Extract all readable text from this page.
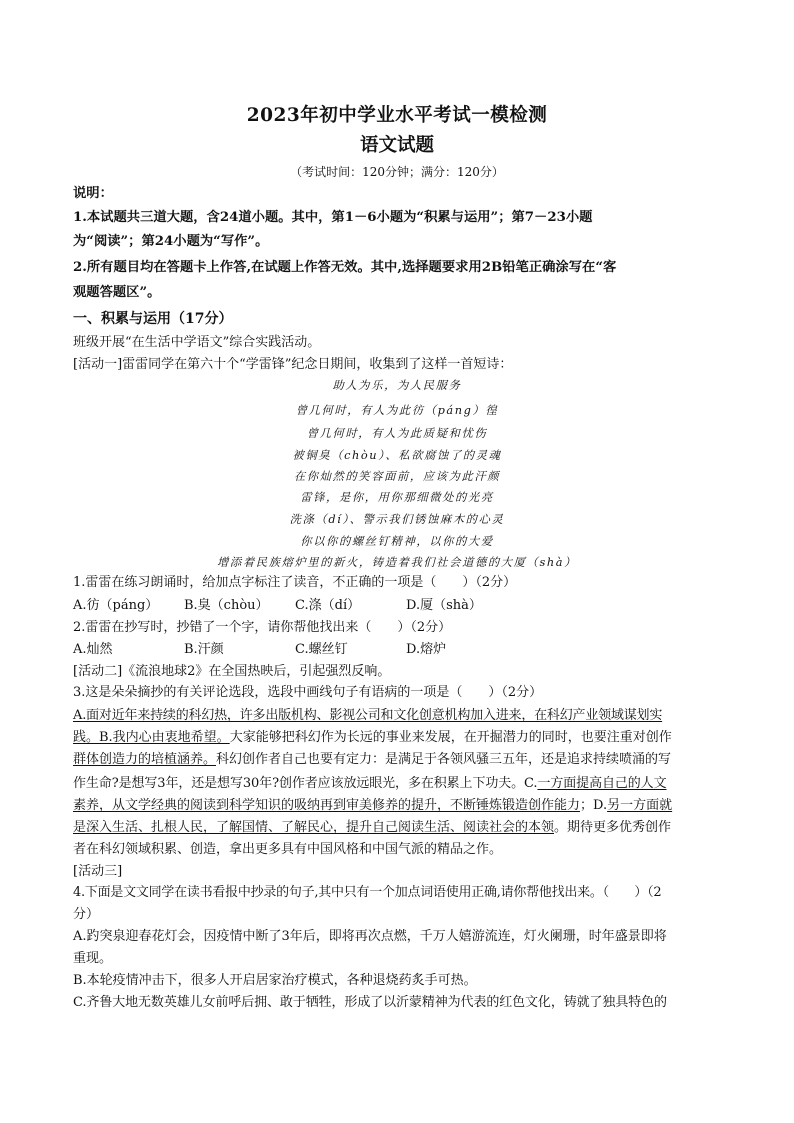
2023年初中学业水平考试一模检测
语文试题
（考试时间：120分钟；满分：120分）
说明：
1.本试题共三道大题，含24道小题。其中，第1－6小题为“积累与运用”；第7－23小题
为“阅读”；第24小题为“写作”。
2.所有题目均在答题卡上作答,在试题上作答无效。其中,选择题要求用2B铅笔正确涂写在“客
观题答题区”。
一、积累与运用（17分）
班级开展“在生活中学语文”综合实践活动。
[活动一]雷雷同学在第六十个“学雷锋”纪念日期间，收集到了这样一首短诗：
助人为乐，为人民服务
曾几何时，有人为此彷（páng）徨
曾几何时，有人为此质疑和忧伤
被铜臭（chòu）、私欲腐蚀了的灵魂
在你灿然的笑容面前，应该为此汗颜
雷锋，是你，用你那细微处的光亮
洗涤（dí）、警示我们锈蚀麻木的心灵
你以你的螺丝钉精神，以你的大爱
增添着民族熔炉里的新火，铸造着我们社会道德的大厦（shà）
1.雷雷在练习朗诵时，给加点字标注了读音，不正确的一项是（　　）（2分）
A.彷（páng） B.臭（chòu） C.涤（dí）	D.厦（shà）
2.雷雷在抄写时，抄错了一个字，请你帮他找出来（　　）（2分）
A.灿然	B.汗颜	C.螺丝钉	D.熔炉
[活动二]《流浪地球2》在全国热映后，引起强烈反响。
3.这是朵朵摘抄的有关评论选段，选段中画线句子有语病的一项是（　　）（2分）
A.面对近年来持续的科幻热，许多出版机构、影视公司和文化创意机构加入进来，在科幻产业领域谋划实
践。B.我内心由衷地希望。大家能够把科幻作为长远的事业来发展，在开掘潜力的同时，也要注重对创作
群体创造力的培植涵养。科幻创作者自己也要有定力：是满足于各领风骚三五年，还是追求持续喷涌的写
作生命?是想写3年，还是想写30年?创作者应该放远眼光，多在积累上下功夫。C.一方面提高自己的人文
素养，从文学经典的阅读到科学知识的吸纳再到审美修养的提升，不断锤炼锻造创作能力；D.另一方面就
是深入生活、扎根人民，了解国情、了解民心，提升自己阅读生活、阅读社会的本领。期待更多优秀创作
者在科幻领域积累、创造，拿出更多具有中国风格和中国气派的精品之作。
[活动三]
4.下面是文文同学在读书看报中抄录的句子,其中只有一个加点词语使用正确,请你帮他找出来。（　　）（2
分）
A.趵突泉迎春花灯会，因疫情中断了3年后，即将再次点燃，千万人嬉游流连，灯火阑珊，时年盛景即将
重现。
B.本轮疫情冲击下，很多人开启居家治疗模式，各种退烧药炙手可热。
C.齐鲁大地无数英雄儿女前呼后拥、敢于牺牲，形成了以沂蒙精神为代表的红色文化，铸就了独具特色的
